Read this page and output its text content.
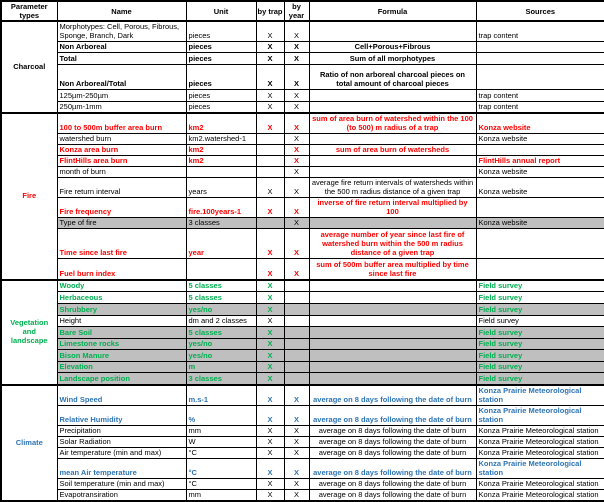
Parameter types	Name	Unit	by trap	by year	Formula	Sources
Charcoal	Morphotypes: Cell, Porous, Fibrous, Sponge, Branch, Dark	pieces	X	X		trap content
	Non Arboreal	pieces	X	X	Cell+Porous+Fibrous	
	Total	pieces	X	X	Sum of all morphotypes	
	Non Arboreal/Total	pieces	X	X	Ratio of non arboreal charcoal pieces on total amount of charcoal pieces	
	125µm-250µm	pieces	X	X		trap content
	250µm-1mm	pieces	X	X		trap content
Fire	100 to 500m buffer area burn	km2	X	X	sum of area burn of watershed within the 100 (to 500) m radius of a trap	Konza website
	watershed burn	km2.watershed-1		X		Konza website
	Konza area burn	km2		X	sum of area burn of watersheds	
	FlintHills area burn	km2		X		FlintHills annual report
	month of burn			X		Konza website
	Fire return interval	years	X	X	average fire return intervals of watersheds within the 500 m radius distance of a given trap	Konza website
	Fire frequency	fire.100years-1	X	X	inverse of fire return interval multiplied by 100	
	Type of fire	3 classes		X		Konza website
	Time since last fire	year	X	X	average number of year since last fire of watershed burn within the 500 m radius distance of a given trap	
	Fuel burn index		X	X	sum of 500m buffer area multiplied by time since last fire	
Vegetation and landscape	Woody	5 classes	X			Field survey
	Herbaceous	5 classes	X			Field survey
	Shrubbery	yes/no	X			Field survey
	Height	dm and 2 classes	X			Field survey
	Bare Soil	5 classes	X			Field survey
	Limestone rocks	yes/no	X			Field survey
	Bison Manure	yes/no	X			Field survey
	Elevation	m	X			Field survey
	Landscape position	3 classes	X			Field survey
Climate	Wind Speed	m.s-1	X	X	average on 8 days following the date of burn	Konza Prairie Meteorological station
	Relative Humidity	%	X	X	average on 8 days following the date of burn	Konza Prairie Meteorological station
	Precipitation	mm	X	X	average on 8 days following the date of burn	Konza Prairie Meteorological station
	Solar Radiation	W	X	X	average on 8 days following the date of burn	Konza Prairie Meteorological station
	Air temperature (min and max)	°C	X	X	average on 8 days following the date of burn	Konza Prairie Meteorological station
	mean Air temperature	°C	X	X	average on 8 days following the date of burn	Konza Prairie Meteorological station
	Soil temperature (min and max)	°C	X	X	average on 8 days following the date of burn	Konza Prairie Meteorological station
	Evapotransiration	mm	X	X	average on 8 days following the date of burn	Konza Prairie Meteorological station
